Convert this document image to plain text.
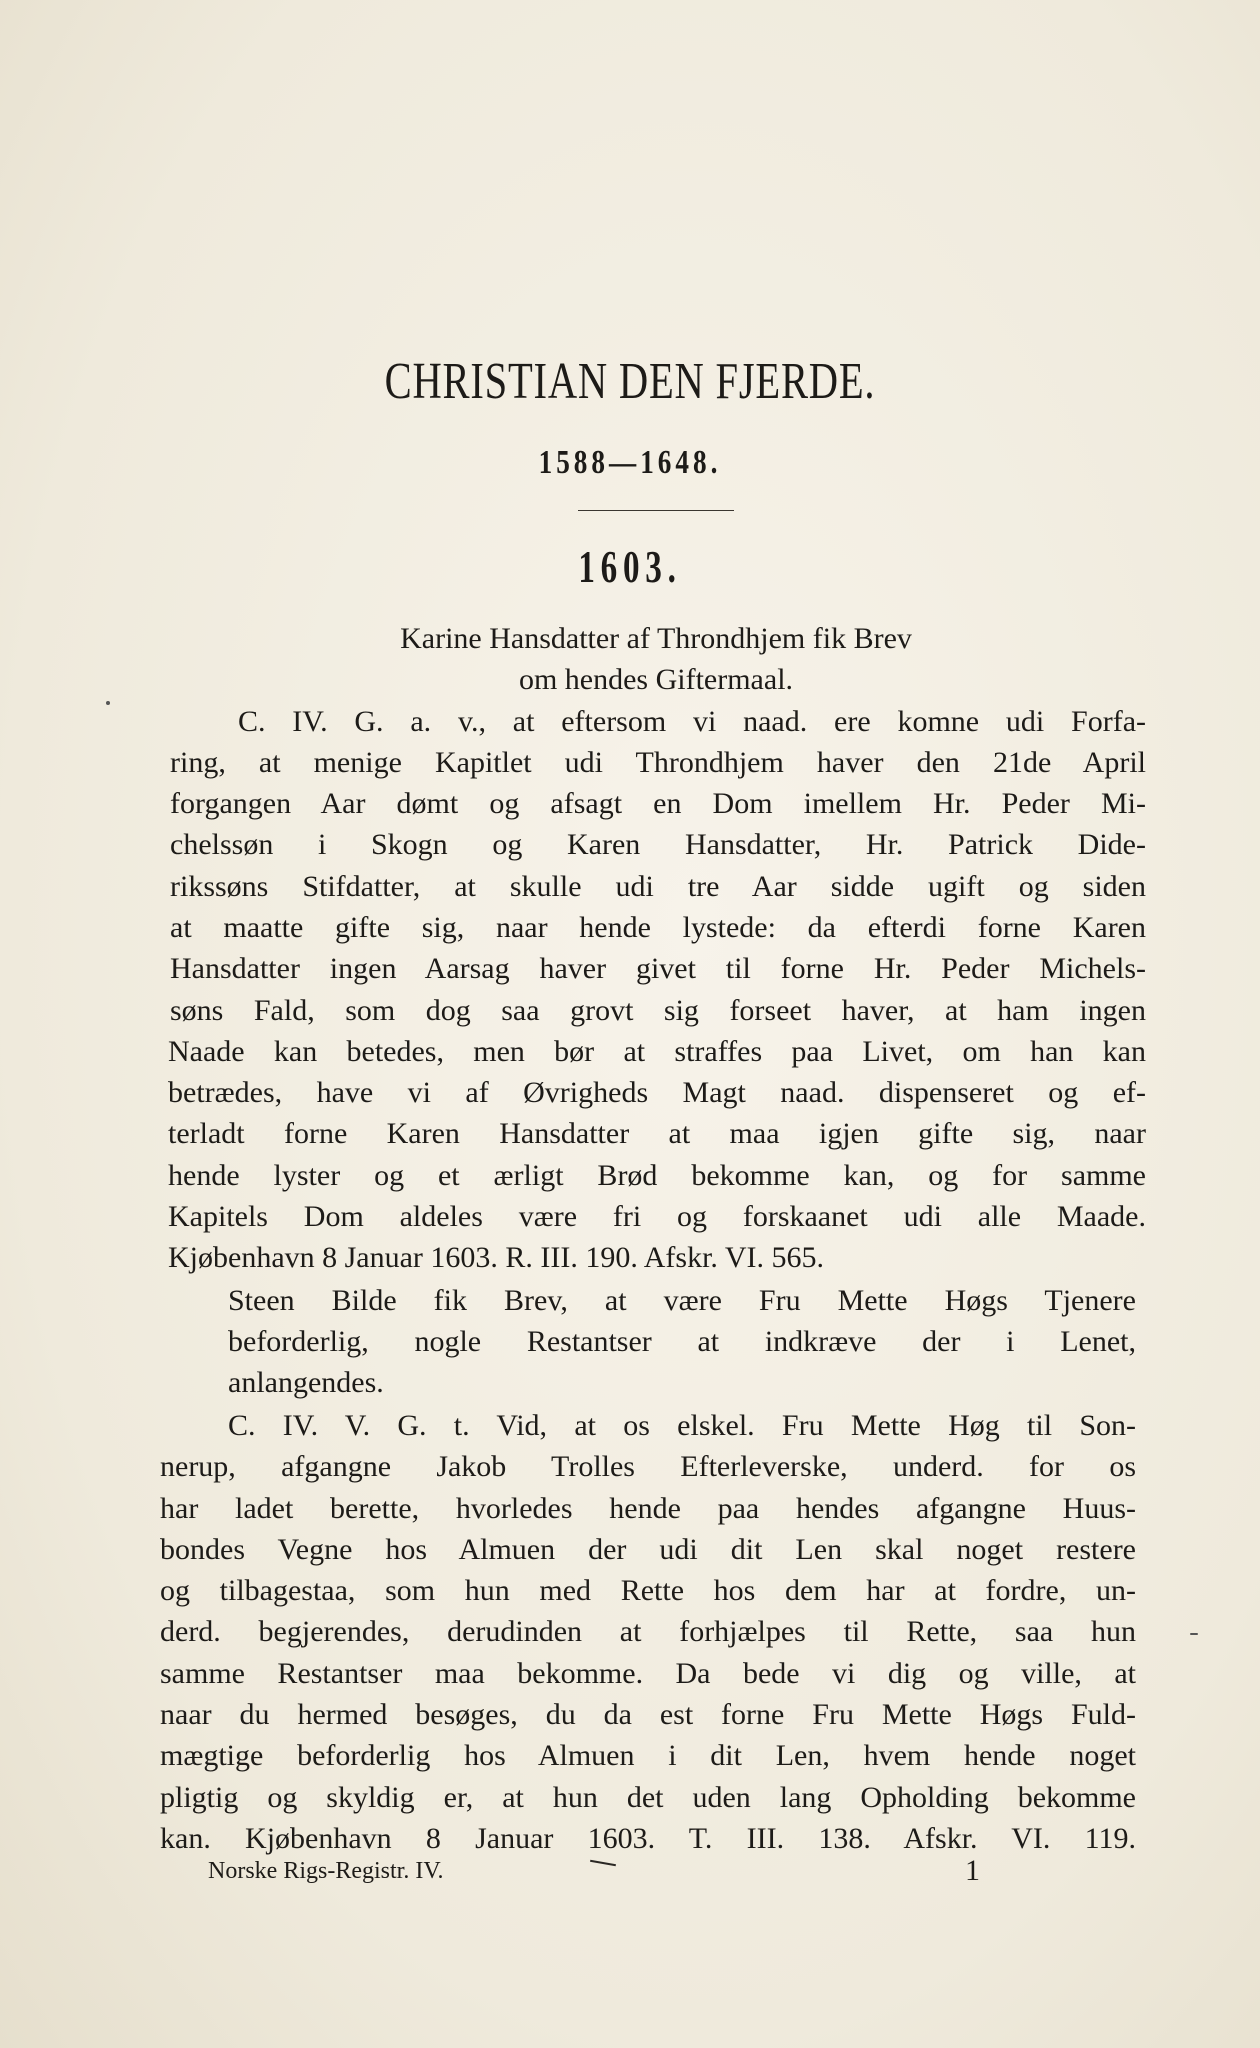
CHRISTIAN DEN FJERDE.
1588—1648.
1603.
Karine Hansdatter af Throndhjem fik Brev
om hendes Giftermaal.
C. IV. G. a. v., at eftersom vi naad. ere komne udi Forfa-
ring, at menige Kapitlet udi Throndhjem haver den 21de April
forgangen Aar dømt og afsagt en Dom imellem Hr. Peder Mi-
chelssøn i Skogn og Karen Hansdatter, Hr. Patrick Dide-
rikssøns Stifdatter, at skulle udi tre Aar sidde ugift og siden
at maatte gifte sig, naar hende lystede: da efterdi forne Karen
Hansdatter ingen Aarsag haver givet til forne Hr. Peder Michels-
søns Fald, som dog saa grovt sig forseet haver, at ham ingen
Naade kan betedes, men bør at straffes paa Livet, om han kan
betrædes, have vi af Øvrigheds Magt naad. dispenseret og ef-
terladt forne Karen Hansdatter at maa igjen gifte sig, naar
hende lyster og et ærligt Brød bekomme kan, og for samme
Kapitels Dom aldeles være fri og forskaanet udi alle Maade.
Kjøbenhavn 8 Januar 1603. R. III. 190. Afskr. VI. 565.
Steen Bilde fik Brev, at være Fru Mette Høgs Tjenere
beforderlig, nogle Restantser at indkræve der i Lenet,
anlangendes.
C. IV. V. G. t. Vid, at os elskel. Fru Mette Høg til Son-
nerup, afgangne Jakob Trolles Efterleverske, underd. for os
har ladet berette, hvorledes hende paa hendes afgangne Huus-
bondes Vegne hos Almuen der udi dit Len skal noget restere
og tilbagestaa, som hun med Rette hos dem har at fordre, un-
derd. begjerendes, derudinden at forhjælpes til Rette, saa hun
samme Restantser maa bekomme. Da bede vi dig og ville, at
naar du hermed besøges, du da est forne Fru Mette Høgs Fuld-
mægtige beforderlig hos Almuen i dit Len, hvem hende noget
pligtig og skyldig er, at hun det uden lang Opholding bekomme
kan. Kjøbenhavn 8 Januar 1603. T. III. 138. Afskr. VI. 119.
Norske Rigs-Registr. IV.	1
